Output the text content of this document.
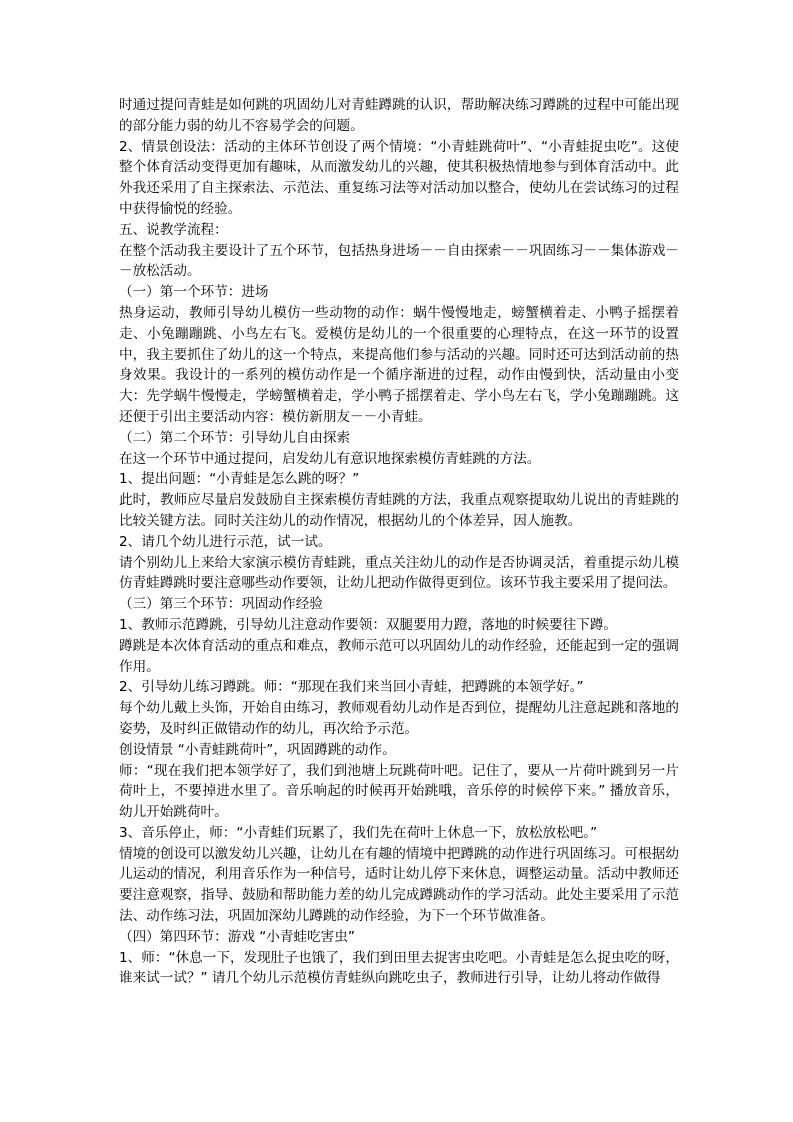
时通过提问青蛙是如何跳的巩固幼儿对青蛙蹲跳的认识，帮助解决练习蹲跳的过程中可能出现的部分能力弱的幼儿不容易学会的问题。

2、情景创设法：活动的主体环节创设了两个情境：“小青蛙跳荷叶”、“小青蛙捉虫吃”。这使整个体育活动变得更加有趣味，从而激发幼儿的兴趣，使其积极热情地参与到体育活动中。此外我还采用了自主探索法、示范法、重复练习法等对活动加以整合，使幼儿在尝试练习的过程中获得愉悦的经验。

五、说教学流程：

在整个活动我主要设计了五个环节，包括热身进场－－自由探索－－巩固练习－－集体游戏－－放松活动。

（一）第一个环节：进场

热身运动，教师引导幼儿模仿一些动物的动作：蜗牛慢慢地走，螃蟹横着走、小鸭子摇摆着走、小兔蹦蹦跳、小鸟左右飞。爱模仿是幼儿的一个很重要的心理特点，在这一环节的设置中，我主要抓住了幼儿的这一个特点，来提高他们参与活动的兴趣。同时还可达到活动前的热身效果。我设计的一系列的模仿动作是一个循序渐进的过程，动作由慢到快，活动量由小变大：先学蜗牛慢慢走，学螃蟹横着走，学小鸭子摇摆着走、学小鸟左右飞，学小兔蹦蹦跳。这还便于引出主要活动内容：模仿新朋友－－小青蛙。

（二）第二个环节：引导幼儿自由探索

在这一个环节中通过提问，启发幼儿有意识地探索模仿青蛙跳的方法。

1、提出问题：“小青蛙是怎么跳的呀？”

此时，教师应尽量启发鼓励自主探索模仿青蛙跳的方法，我重点观察提取幼儿说出的青蛙跳的比较关键方法。同时关注幼儿的动作情况，根据幼儿的个体差异，因人施教。

2、请几个幼儿进行示范，试一试。

请个别幼儿上来给大家演示模仿青蛙跳，重点关注幼儿的动作是否协调灵活，着重提示幼儿模仿青蛙蹲跳时要注意哪些动作要领，让幼儿把动作做得更到位。该环节我主要采用了提问法。

（三）第三个环节：巩固动作经验

1、教师示范蹲跳，引导幼儿注意动作要领：双腿要用力蹬，落地的时候要往下蹲。

蹲跳是本次体育活动的重点和难点，教师示范可以巩固幼儿的动作经验，还能起到一定的强调作用。

2、引导幼儿练习蹲跳。师：“那现在我们来当回小青蛙，把蹲跳的本领学好。”

每个幼儿戴上头饰，开始自由练习，教师观看幼儿动作是否到位，提醒幼儿注意起跳和落地的姿势，及时纠正做错动作的幼儿，再次给予示范。

创设情景 “小青蛙跳荷叶”，巩固蹲跳的动作。

师：“现在我们把本领学好了，我们到池塘上玩跳荷叶吧。记住了，要从一片荷叶跳到另一片荷叶上，不要掉进水里了。音乐响起的时候再开始跳哦，音乐停的时候停下来。” 播放音乐，幼儿开始跳荷叶。

3、音乐停止，师：“小青蛙们玩累了，我们先在荷叶上休息一下，放松放松吧。”

情境的创设可以激发幼儿兴趣，让幼儿在有趣的情境中把蹲跳的动作进行巩固练习。可根据幼儿运动的情况，利用音乐作为一种信号，适时让幼儿停下来休息，调整运动量。活动中教师还要注意观察，指导、鼓励和帮助能力差的幼儿完成蹲跳动作的学习活动。此处主要采用了示范法、动作练习法，巩固加深幼儿蹲跳的动作经验，为下一个环节做准备。

（四）第四环节：游戏 “小青蛙吃害虫”

1、师：“休息一下，发现肚子也饿了，我们到田里去捉害虫吃吧。小青蛙是怎么捉虫吃的呀，谁来试一试？” 请几个幼儿示范模仿青蛙纵向跳吃虫子，教师进行引导，让幼儿将动作做得
